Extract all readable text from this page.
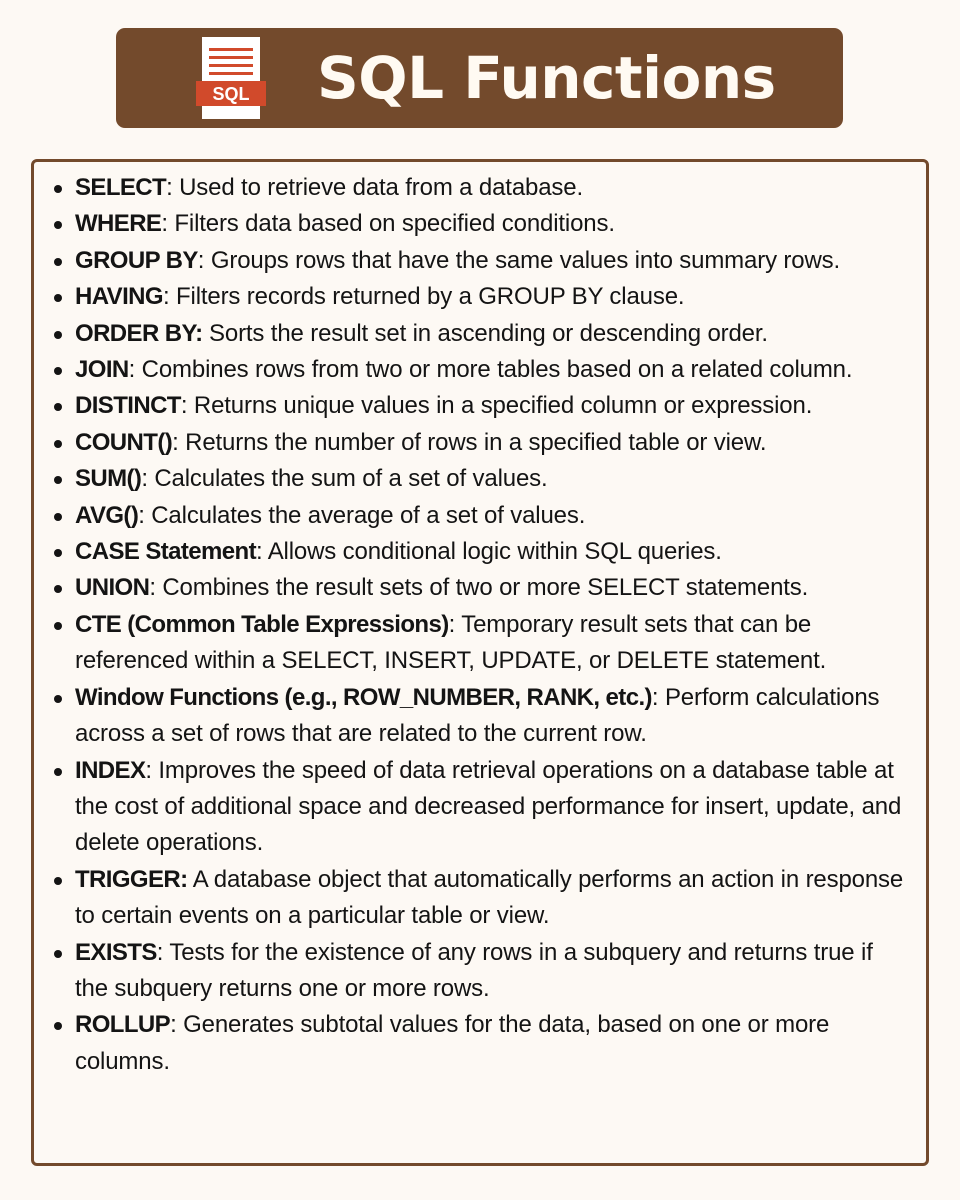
SQL SQL Functions
SELECT: Used to retrieve data from a database.
WHERE: Filters data based on specified conditions.
GROUP BY: Groups rows that have the same values into summary rows.
HAVING: Filters records returned by a GROUP BY clause.
ORDER BY: Sorts the result set in ascending or descending order.
JOIN: Combines rows from two or more tables based on a related column.
DISTINCT: Returns unique values in a specified column or expression.
COUNT(): Returns the number of rows in a specified table or view.
SUM(): Calculates the sum of a set of values.
AVG(): Calculates the average of a set of values.
CASE Statement: Allows conditional logic within SQL queries.
UNION: Combines the result sets of two or more SELECT statements.
CTE (Common Table Expressions): Temporary result sets that can be referenced within a SELECT, INSERT, UPDATE, or DELETE statement.
Window Functions (e.g., ROW_NUMBER, RANK, etc.): Perform calculations across a set of rows that are related to the current row.
INDEX: Improves the speed of data retrieval operations on a database table at the cost of additional space and decreased performance for insert, update, and delete operations.
TRIGGER: A database object that automatically performs an action in response to certain events on a particular table or view.
EXISTS: Tests for the existence of any rows in a subquery and returns true if the subquery returns one or more rows.
ROLLUP: Generates subtotal values for the data, based on one or more columns.
